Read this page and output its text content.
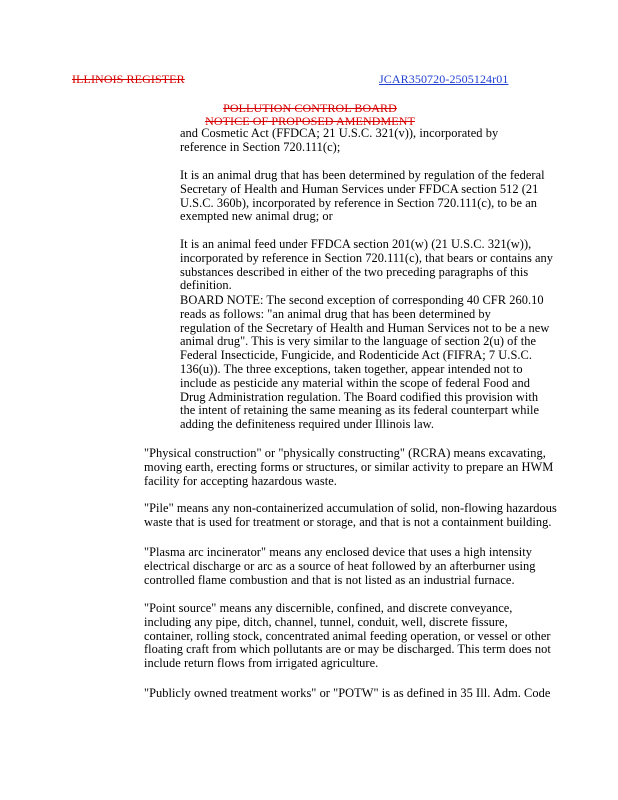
ILLINOIS REGISTER	JCAR350720-2505124r01
POLLUTION CONTROL BOARD
NOTICE OF PROPOSED AMENDMENT
and Cosmetic Act (FFDCA; 21 U.S.C. 321(v)), incorporated by
reference in Section 720.111(c);
It is an animal drug that has been determined by regulation of the federal
Secretary of Health and Human Services under FFDCA section 512 (21
U.S.C. 360b), incorporated by reference in Section 720.111(c), to be an
exempted new animal drug; or
It is an animal feed under FFDCA section 201(w) (21 U.S.C. 321(w)),
incorporated by reference in Section 720.111(c), that bears or contains any
substances described in either of the two preceding paragraphs of this
definition.
BOARD NOTE: The second exception of corresponding 40 CFR 260.10
reads as follows: "an animal drug that has been determined by
regulation of the Secretary of Health and Human Services not to be a new
animal drug". This is very similar to the language of section 2(u) of the
Federal Insecticide, Fungicide, and Rodenticide Act (FIFRA; 7 U.S.C.
136(u)). The three exceptions, taken together, appear intended not to
include as pesticide any material within the scope of federal Food and
Drug Administration regulation. The Board codified this provision with
the intent of retaining the same meaning as its federal counterpart while
adding the definiteness required under Illinois law.
"Physical construction" or "physically constructing" (RCRA) means excavating,
moving earth, erecting forms or structures, or similar activity to prepare an HWM
facility for accepting hazardous waste.
"Pile" means any non-containerized accumulation of solid, non-flowing hazardous
waste that is used for treatment or storage, and that is not a containment building.
"Plasma arc incinerator" means any enclosed device that uses a high intensity
electrical discharge or arc as a source of heat followed by an afterburner using
controlled flame combustion and that is not listed as an industrial furnace.
"Point source" means any discernible, confined, and discrete conveyance,
including any pipe, ditch, channel, tunnel, conduit, well, discrete fissure,
container, rolling stock, concentrated animal feeding operation, or vessel or other
floating craft from which pollutants are or may be discharged. This term does not
include return flows from irrigated agriculture.
"Publicly owned treatment works" or "POTW" is as defined in 35 Ill. Adm. Code
